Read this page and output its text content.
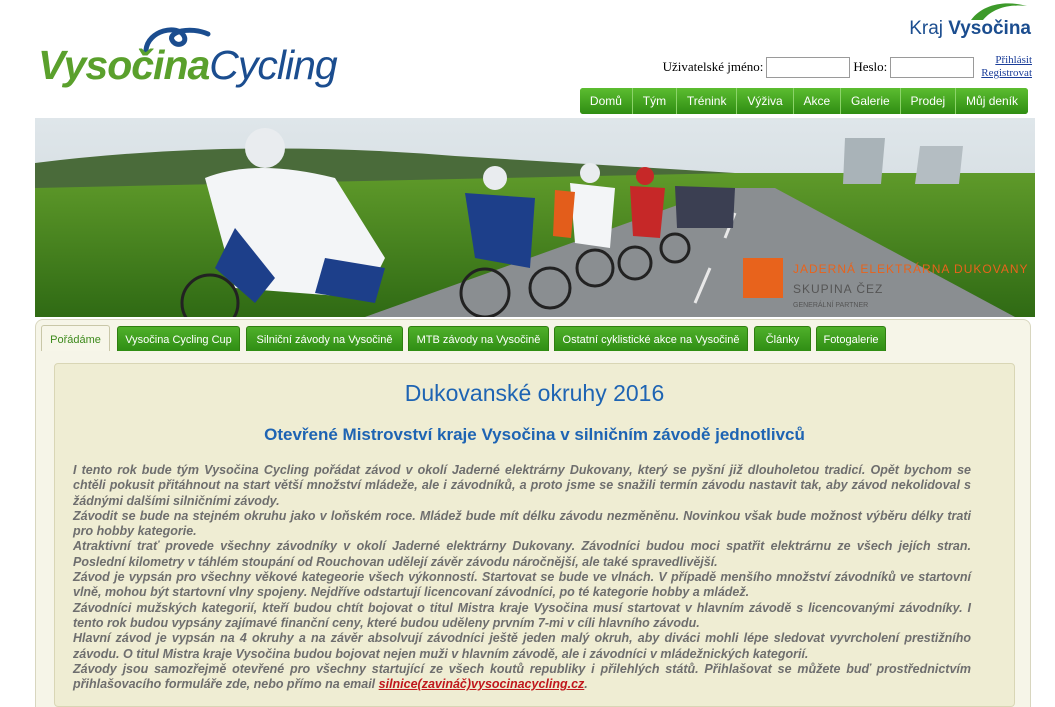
VysočinaCycling
Kraj Vysočina
Uživatelské jméno:	Heslo:	Přihlásit
Registrovat
Domů	Tým	Trénink	Výživa	Akce	Galerie	Prodej	Můj deník
JADERNÁ ELEKTRÁRNA DUKOVANY
SKUPINA ČEZ
GENERÁLNÍ PARTNER
Pořádáme	Vysočina Cycling Cup	Silniční závody na Vysočině	MTB závody na Vysočině	Ostatní cyklistické akce na Vysočině	Články	Fotogalerie
Dukovanské okruhy 2016
Otevřené Mistrovství kraje Vysočina v silničním závodě jednotlivců

I tento rok bude tým Vysočina Cycling pořádat závod v okolí Jaderné elektrárny Dukovany, který se pyšní již dlouholetou tradicí. Opět bychom se chtěli pokusit přitáhnout na start větší množství mládeže, ale i závodníků, a proto jsme se snažili termín závodu nastavit tak, aby závod nekolidoval s žádnými dalšími silničními závody.

Závodit se bude na stejném okruhu jako v loňském roce. Mládež bude mít délku závodu nezměněnu. Novinkou však bude možnost výběru délky trati pro hobby kategorie.

Atraktivní trať provede všechny závodníky v okolí Jaderné elektrárny Dukovany. Závodníci budou moci spatřit elektrárnu ze všech jejích stran. Poslední kilometry v táhlém stoupání od Rouchovan udělejí závěr závodu náročnější, ale také spravedlivější.

Závod je vypsán pro všechny věkové kategeorie všech výkonností. Startovat se bude ve vlnách. V případě menšího množství závodníků ve startovní vlně, mohou být startovní vlny spojeny. Nejdříve odstartují licencovaní závodníci, po té kategorie hobby a mládež.

Závodníci mužských kategorií, kteří budou chtít bojovat o titul Mistra kraje Vysočina musí startovat v hlavním závodě s licencovanými závodníky. I tento rok budou vypsány zajímavé finanční ceny, které budou uděleny prvním 7-mi v cíli hlavního závodu.

Hlavní závod je vypsán na 4 okruhy a na závěr absolvují závodníci ještě jeden malý okruh, aby diváci mohli lépe sledovat vyvrcholení prestižního závodu. O titul Mistra kraje Vysočina budou bojovat nejen muži v hlavním závodě, ale i závodníci v mládežnických kategorií.

Závody jsou samozřejmě otevřené pro všechny startující ze všech koutů republiky i přilehlých států. Přihlašovat se můžete buď prostřednictvím přihlašovacího formuláře zde, nebo přímo na email silnice(zavináč)vysocinacycling.cz.
